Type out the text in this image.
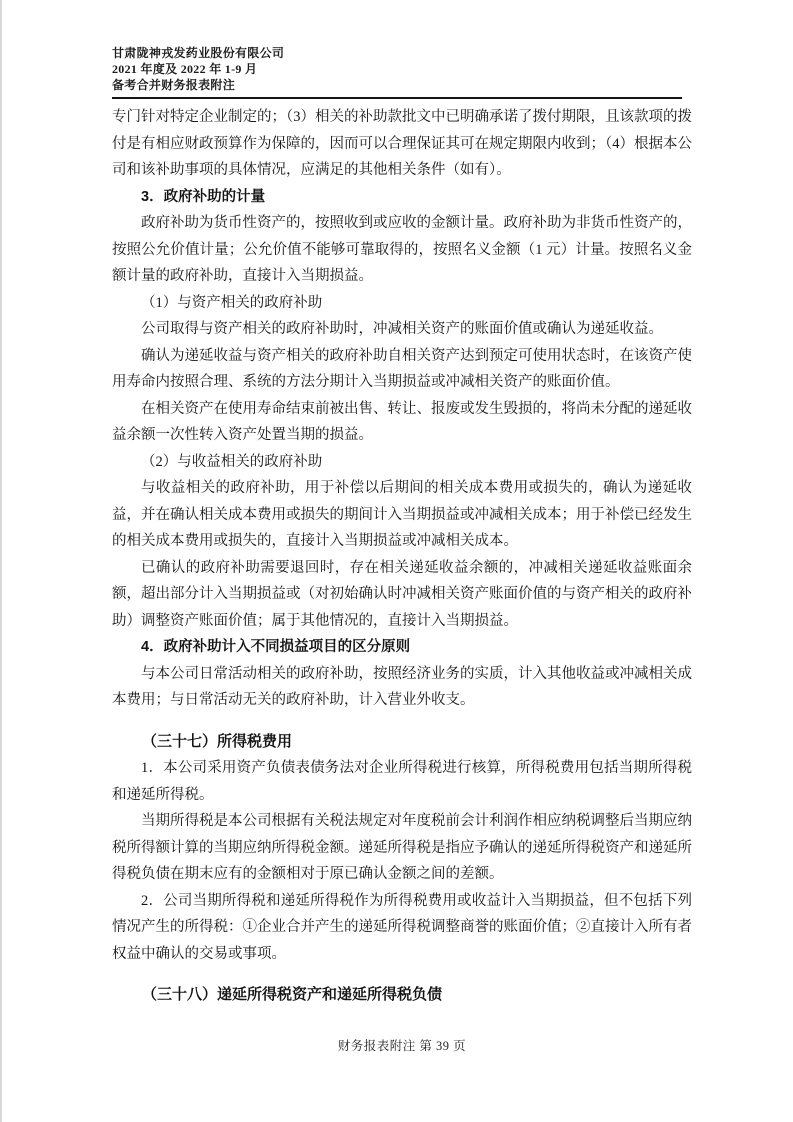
甘肃陇神戎发药业股份有限公司
2021 年度及 2022 年 1-9 月
备考合并财务报表附注

专门针对特定企业制定的；（3）相关的补助款批文中已明确承诺了拨付期限，且该款项的拨付是有相应财政预算作为保障的，因而可以合理保证其可在规定期限内收到；（4）根据本公司和该补助事项的具体情况，应满足的其他相关条件（如有）。

3．政府补助的计量

政府补助为货币性资产的，按照收到或应收的金额计量。政府补助为非货币性资产的，按照公允价值计量；公允价值不能够可靠取得的，按照名义金额（1 元）计量。按照名义金额计量的政府补助，直接计入当期损益。

（1）与资产相关的政府补助

公司取得与资产相关的政府补助时，冲减相关资产的账面价值或确认为递延收益。

确认为递延收益与资产相关的政府补助自相关资产达到预定可使用状态时，在该资产使用寿命内按照合理、系统的方法分期计入当期损益或冲减相关资产的账面价值。

在相关资产在使用寿命结束前被出售、转让、报废或发生毁损的，将尚未分配的递延收益余额一次性转入资产处置当期的损益。

（2）与收益相关的政府补助

与收益相关的政府补助，用于补偿以后期间的相关成本费用或损失的，确认为递延收益，并在确认相关成本费用或损失的期间计入当期损益或冲减相关成本；用于补偿已经发生的相关成本费用或损失的，直接计入当期损益或冲减相关成本。

已确认的政府补助需要退回时，存在相关递延收益余额的，冲减相关递延收益账面余额，超出部分计入当期损益或（对初始确认时冲减相关资产账面价值的与资产相关的政府补助）调整资产账面价值；属于其他情况的，直接计入当期损益。

4．政府补助计入不同损益项目的区分原则

与本公司日常活动相关的政府补助，按照经济业务的实质，计入其他收益或冲减相关成本费用；与日常活动无关的政府补助，计入营业外收支。

（三十七）所得税费用

1．本公司采用资产负债表债务法对企业所得税进行核算，所得税费用包括当期所得税和递延所得税。

当期所得税是本公司根据有关税法规定对年度税前会计利润作相应纳税调整后当期应纳税所得额计算的当期应纳所得税金额。递延所得税是指应予确认的递延所得税资产和递延所得税负债在期末应有的金额相对于原已确认金额之间的差额。

2．公司当期所得税和递延所得税作为所得税费用或收益计入当期损益，但不包括下列情况产生的所得税：①企业合并产生的递延所得税调整商誉的账面价值；②直接计入所有者权益中确认的交易或事项。

（三十八）递延所得税资产和递延所得税负债

财务报表附注 第 39 页
